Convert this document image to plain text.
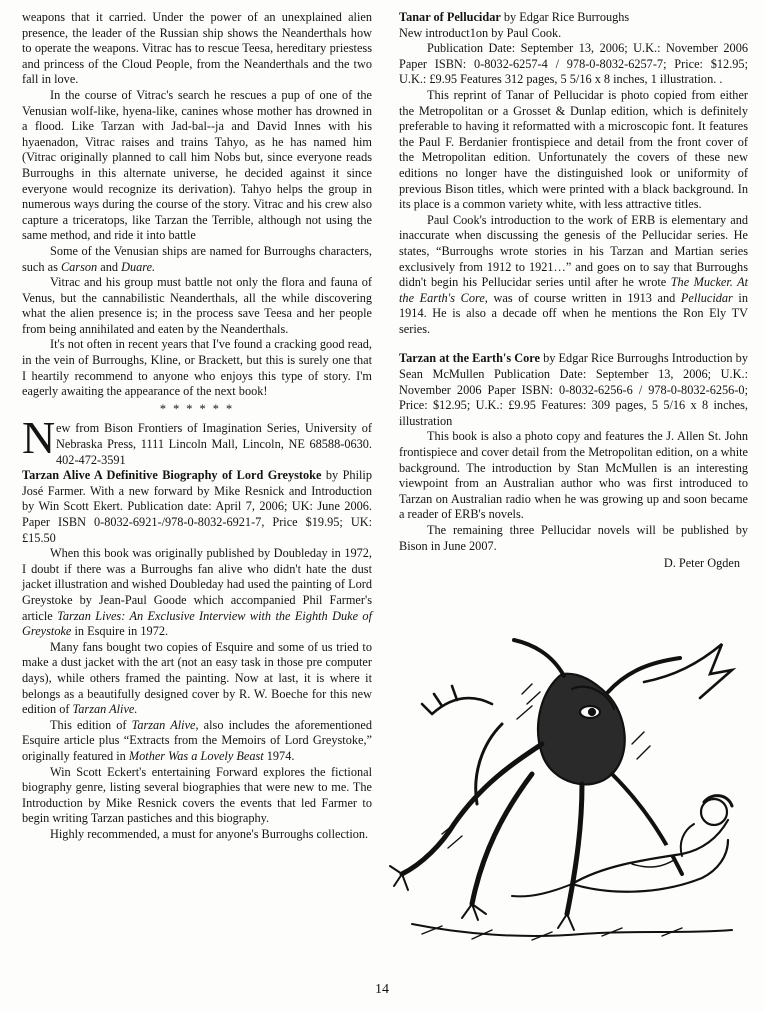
weapons that it carried. Under the power of an unexplained alien presence, the leader of the Russian ship shows the Neanderthals how to operate the weapons. Vitrac has to rescue Teesa, hereditary priestess and princess of the Cloud People, from the Neanderthals and the two fall in love.

In the course of Vitrac's search he rescues a pup of one of the Venusian wolf-like, hyena-like, canines whose mother has drowned in a flood. Like Tarzan with Jad-bal--ja and David Innes with his hyaenadon, Vitrac raises and trains Tahyo, as he has named him (Vitrac originally planned to call him Nobs but, since everyone reads Burroughs in this alternate universe, he decided against it since everyone would recognize its derivation). Tahyo helps the group in numerous ways during the course of the story. Vitrac and his crew also capture a triceratops, like Tarzan the Terrible, although not using the same method, and ride it into battle

Some of the Venusian ships are named for Burroughs characters, such as Carson and Duare.

Vitrac and his group must battle not only the flora and fauna of Venus, but the cannabilistic Neanderthals, all the while discovering what the alien presence is; in the process save Teesa and her people from being annihilated and eaten by the Neanderthals.

It's not often in recent years that I've found a cracking good read, in the vein of Burroughs, Kline, or Brackett, but this is surely one that I heartily recommend to anyone who enjoys this type of story. I'm eagerly awaiting the appearance of the next book!

* * * * * *

N ew from Bison Frontiers of Imagination Series, University of Nebraska Press, 1111 Lincoln Mall, Lincoln, NE 68588-0630. 402-472-3591

Tarzan Alive A Definitive Biography of Lord Greystoke by Philip José Farmer. With a new forward by Mike Resnick and Introduction by Win Scott Ekert. Publication date: April 7, 2006; UK: June 2006. Paper ISBN 0-8032-6921-/978-0-8032-6921-7, Price $19.95; UK: £15.50

When this book was originally published by Doubleday in 1972, I doubt if there was a Burroughs fan alive who didn't hate the dust jacket illustration and wished Doubleday had used the painting of Lord Greystoke by Jean-Paul Goode which accompanied Phil Farmer's article Tarzan Lives: An Exclusive Interview with the Eighth Duke of Greystoke in Esquire in 1972.

Many fans bought two copies of Esquire and some of us tried to make a dust jacket with the art (not an easy task in those pre computer days), while others framed the painting. Now at last, it is where it belongs as a beautifully designed cover by R. W. Boeche for this new edition of Tarzan Alive.

This edition of Tarzan Alive, also includes the aforementioned Esquire article plus “Extracts from the Memoirs of Lord Greystoke,” originally featured in Mother Was a Lovely Beast 1974.

Win Scott Eckert's entertaining Forward explores the fictional biography genre, listing several biographies that were new to me. The Introduction by Mike Resnick covers the events that led Farmer to begin writing Tarzan pastiches and this biography.

Highly recommended, a must for anyone's Burroughs collection.

Tanar of Pellucidar by Edgar Rice Burroughs

New introduct1on by Paul Cook.

Publication Date: September 13, 2006; U.K.: November 2006 Paper ISBN: 0-8032-6257-4 / 978-0-8032-6257-7; Price: $12.95; U.K.: £9.95 Features 312 pages, 5 5/16 x 8 inches, 1 illustration. .

This reprint of Tanar of Pellucidar is photo copied from either the Metropolitan or a Grosset & Dunlap edition, which is definitely preferable to having it reformatted with a microscopic font. It features the Paul F. Berdanier frontispiece and detail from the front cover of the Metropolitan edition. Unfortunately the covers of these new editions no longer have the distinguished look or uniformity of previous Bison titles, which were printed with a black background. In its place is a common variety white, with less attractive titles.

Paul Cook's introduction to the work of ERB is elementary and inaccurate when discussing the genesis of the Pellucidar series. He states, “Burroughs wrote stories in his Tarzan and Martian series exclusively from 1912 to 1921…” and goes on to say that Burroughs didn't begin his Pellucidar series until after he wrote The Mucker. At the Earth's Core, was of course written in 1913 and Pellucidar in 1914. He is also a decade off when he mentions the Ron Ely TV series.

Tarzan at the Earth's Core by Edgar Rice Burroughs Introduction by Sean McMullen Publication Date: September 13, 2006; U.K.: November 2006 Paper ISBN: 0-8032-6256-6 / 978-0-8032-6256-0; Price: $12.95; U.K.: £9.95 Features: 309 pages, 5 5/16 x 8 inches, illustration

This book is also a photo copy and features the J. Allen St. John frontispiece and cover detail from the Metropolitan edition, on a white background. The introduction by Stan McMullen is an interesting viewpoint from an Australian author who was first introduced to Tarzan on Australian radio when he was growing up and soon became a reader of ERB's novels.

The remaining three Pellucidar novels will be published by Bison in June 2007.

D. Peter Ogden

14
